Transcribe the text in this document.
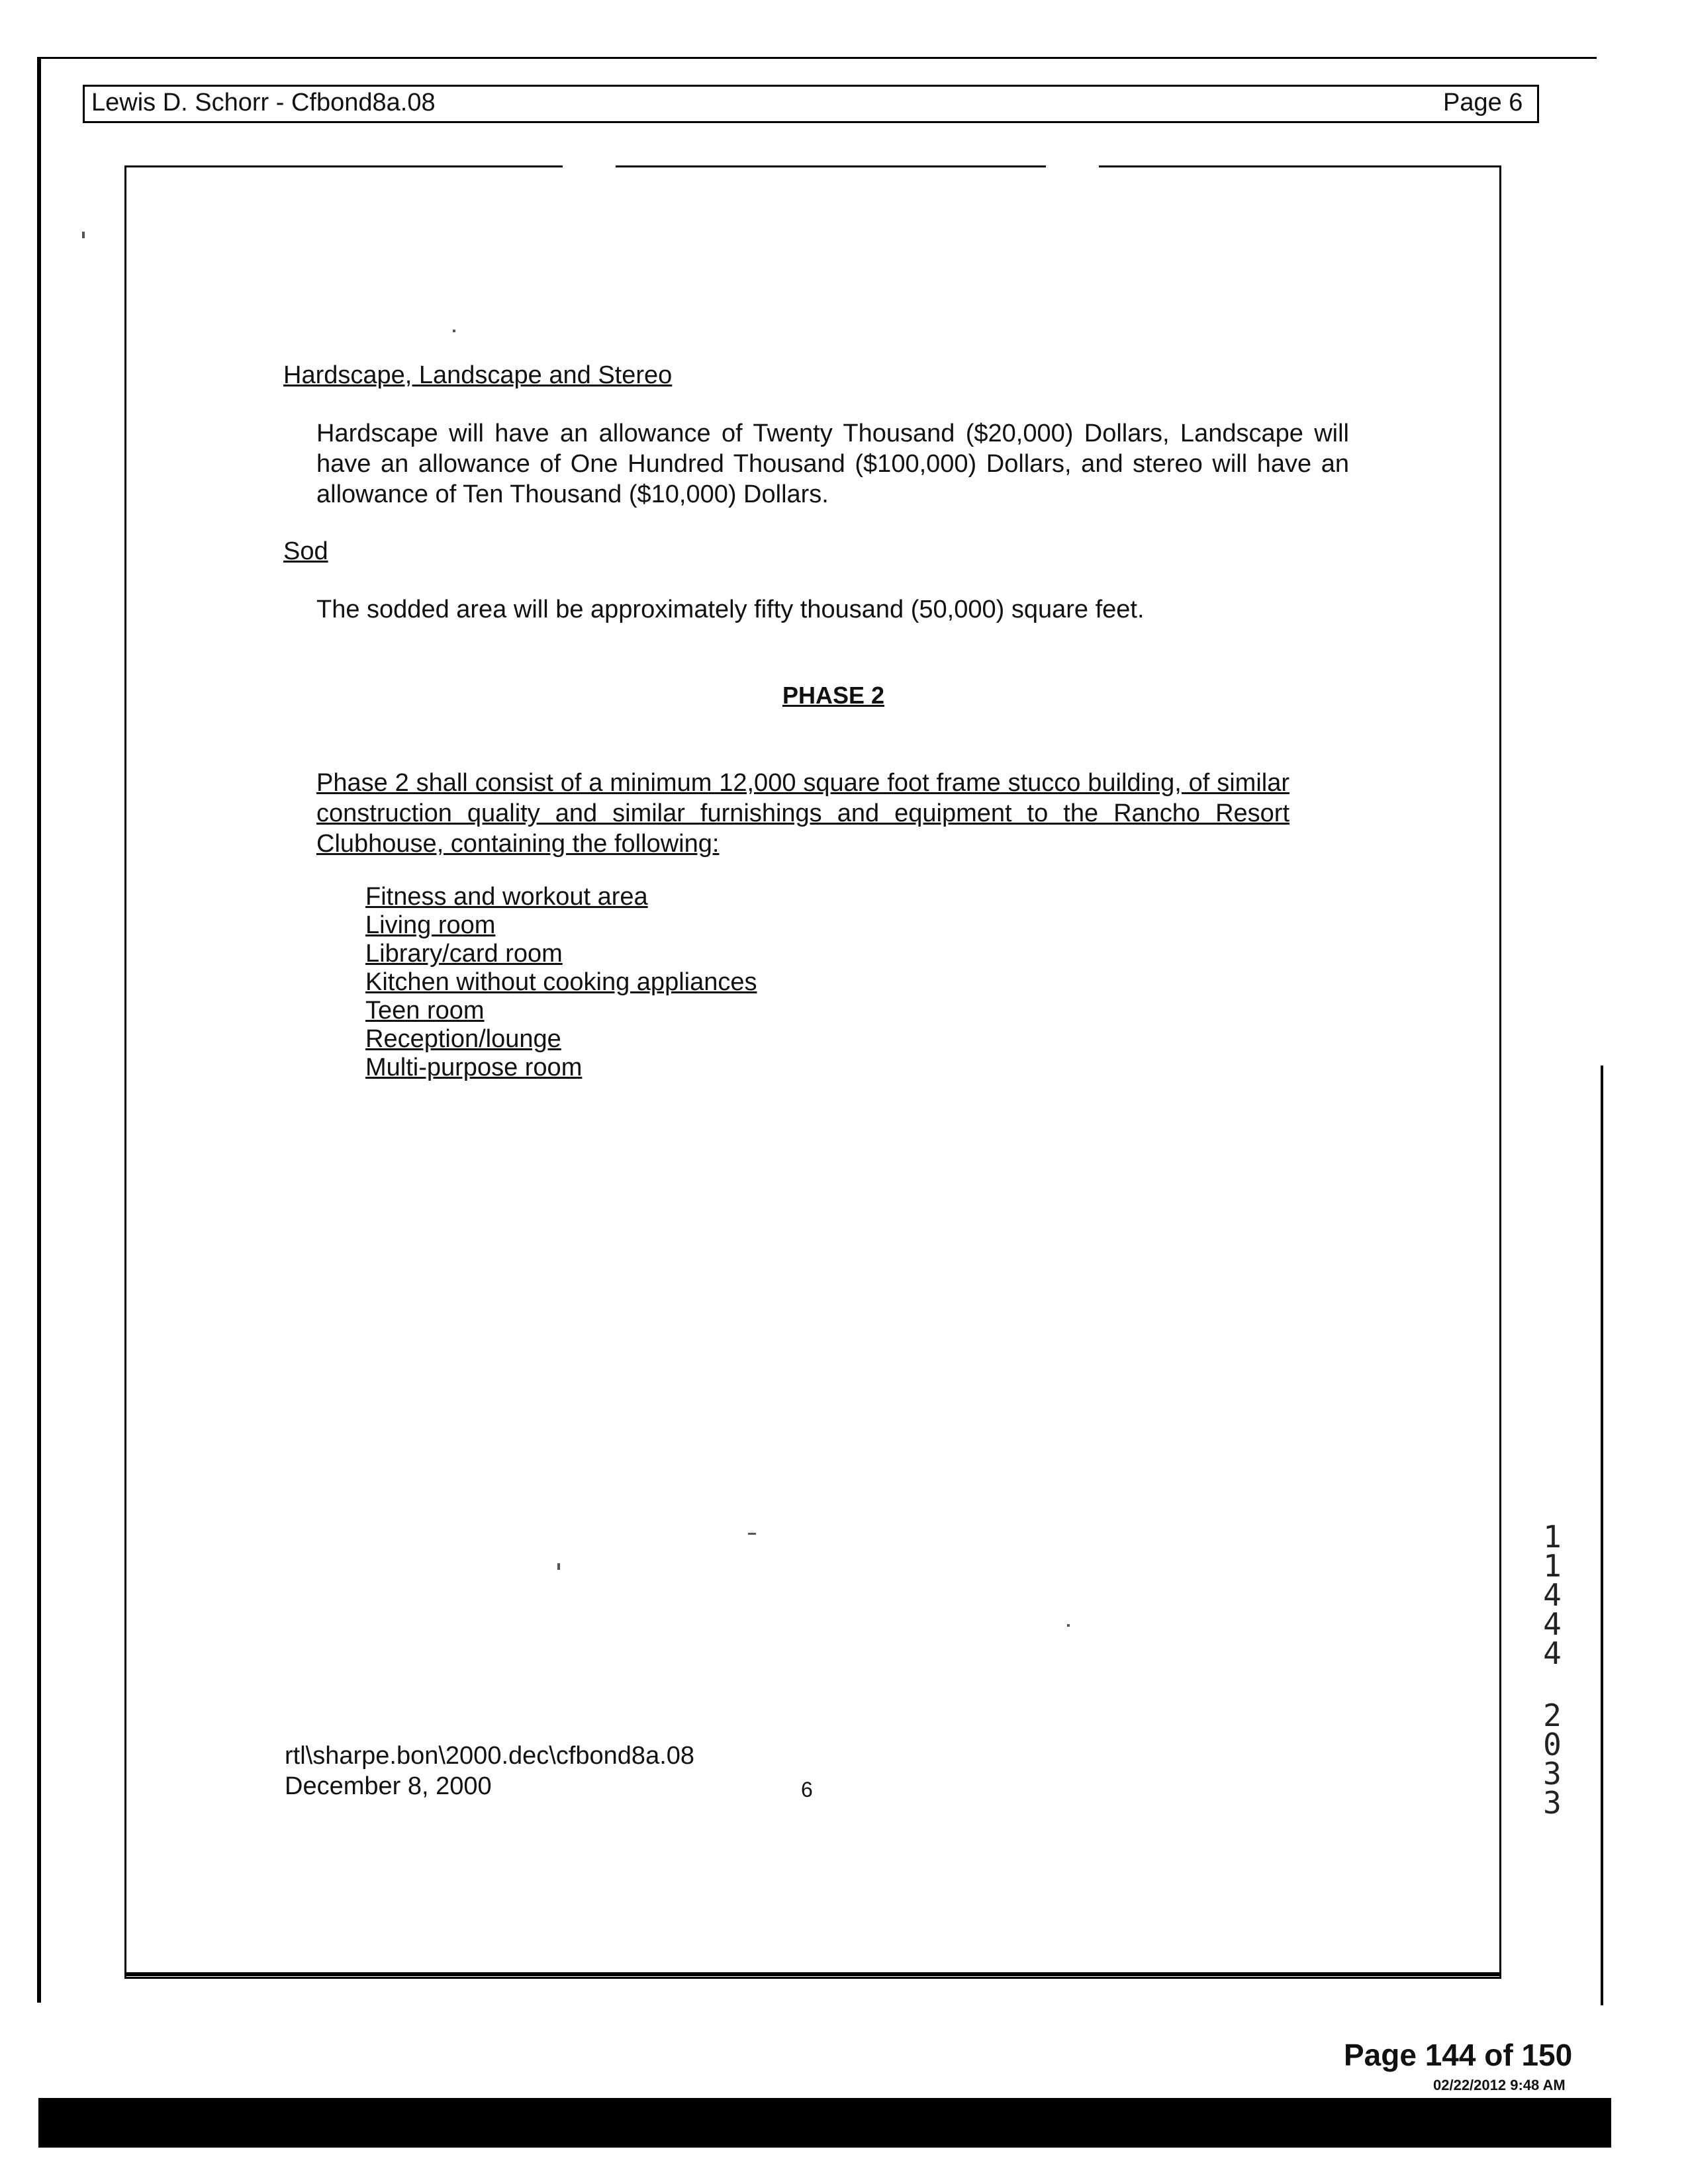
Lewis D. Schorr - Cfbond8a.08	Page 6
Hardscape, Landscape and Stereo
Hardscape will have an allowance of Twenty Thousand ($20,000) Dollars, Landscape will have an allowance of One Hundred Thousand ($100,000) Dollars, and stereo will have an allowance of Ten Thousand ($10,000) Dollars.
Sod
The sodded area will be approximately fifty thousand (50,000) square feet.
PHASE 2
Phase 2 shall consist of a minimum 12,000 square foot frame stucco building, of similar construction quality and similar furnishings and equipment to the Rancho Resort Clubhouse, containing the following:
Fitness and workout area
Living room
Library/card room
Kitchen without cooking appliances
Teen room
Reception/lounge
Multi-purpose room
rtl\sharpe.bon\2000.dec\cfbond8a.08
December 8, 2000	6
1
1
4
4
4
2
0
3
3
Page 144 of 150
02/22/2012 9:48 AM
